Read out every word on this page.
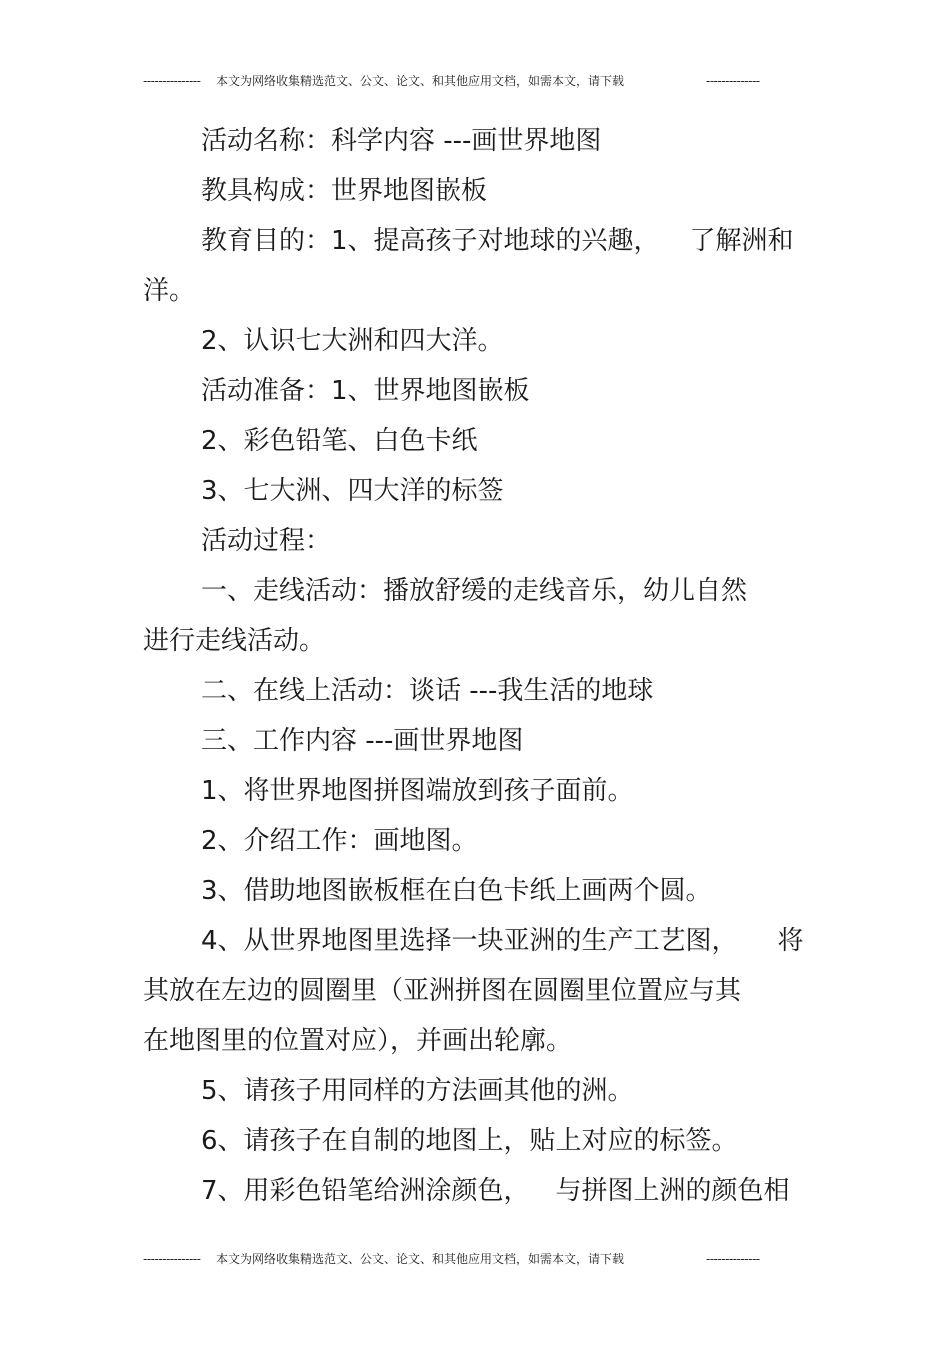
--------------- 本文为网络收集精选范文、公文、论文、和其他应用文档，如需本文，请下载	--------------
活动名称：科学内容 ---画世界地图
教具构成：世界地图嵌板
教育目的：1、提高孩子对地球的兴趣， 了解洲和
洋。
2、认识七大洲和四大洋。
活动准备：1、世界地图嵌板
2、彩色铅笔、白色卡纸
3、七大洲、四大洋的标签
活动过程：
一、走线活动：播放舒缓的走线音乐，幼儿自然
进行走线活动。
二、在线上活动：谈话 ---我生活的地球
三、工作内容 ---画世界地图
1、将世界地图拼图端放到孩子面前。
2、介绍工作：画地图。
3、借助地图嵌板框在白色卡纸上画两个圆。
4、从世界地图里选择一块亚洲的生产工艺图， 将
其放在左边的圆圈里（亚洲拼图在圆圈里位置应与其
在地图里的位置对应），并画出轮廓。
5、请孩子用同样的方法画其他的洲。
6、请孩子在自制的地图上，贴上对应的标签。
7、用彩色铅笔给洲涂颜色， 与拼图上洲的颜色相
--------------- 本文为网络收集精选范文、公文、论文、和其他应用文档，如需本文，请下载	--------------
